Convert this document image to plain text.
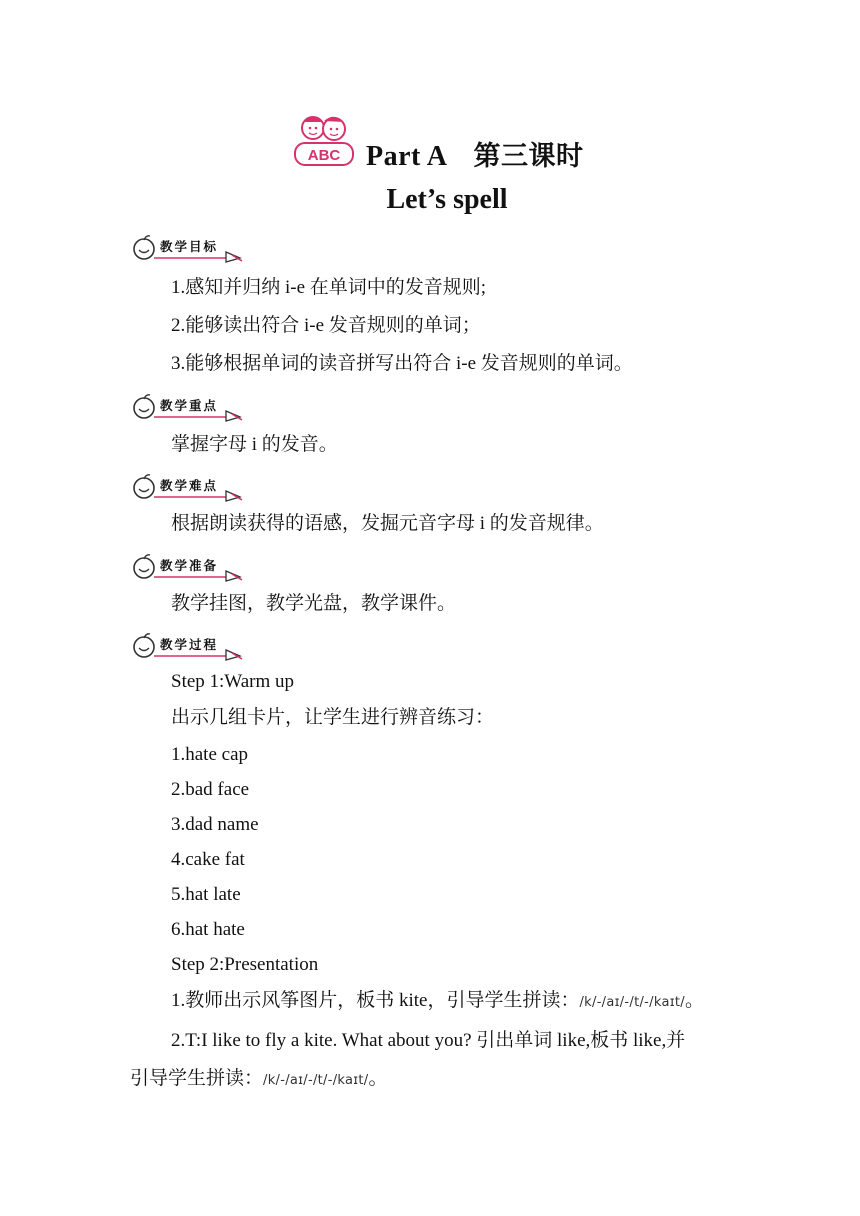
ABC Part A 第三课时
Let’s spell
教学目标
1.感知并归纳 i-e 在单词中的发音规则;
2.能够读出符合 i-e 发音规则的单词；
3.能够根据单词的读音拼写出符合 i-e 发音规则的单词。
教学重点
掌握字母 i 的发音。
教学难点
根据朗读获得的语感，发掘元音字母 i 的发音规律。
教学准备
教学挂图，教学光盘，教学课件。
教学过程
Step 1:Warm up
出示几组卡片，让学生进行辨音练习：
1.hate cap
2.bad face
3.dad name
4.cake fat
5.hat late
6.hat hate
Step 2:Presentation
1.教师出示风筝图片，板书 kite，引导学生拼读：/k/-/aɪ/-/t/-/kaɪt/。
2.T:I like to fly a kite. What about you? 引出单词 like,板书 like,并
引导学生拼读：/k/-/aɪ/-/t/-/kaɪt/。
